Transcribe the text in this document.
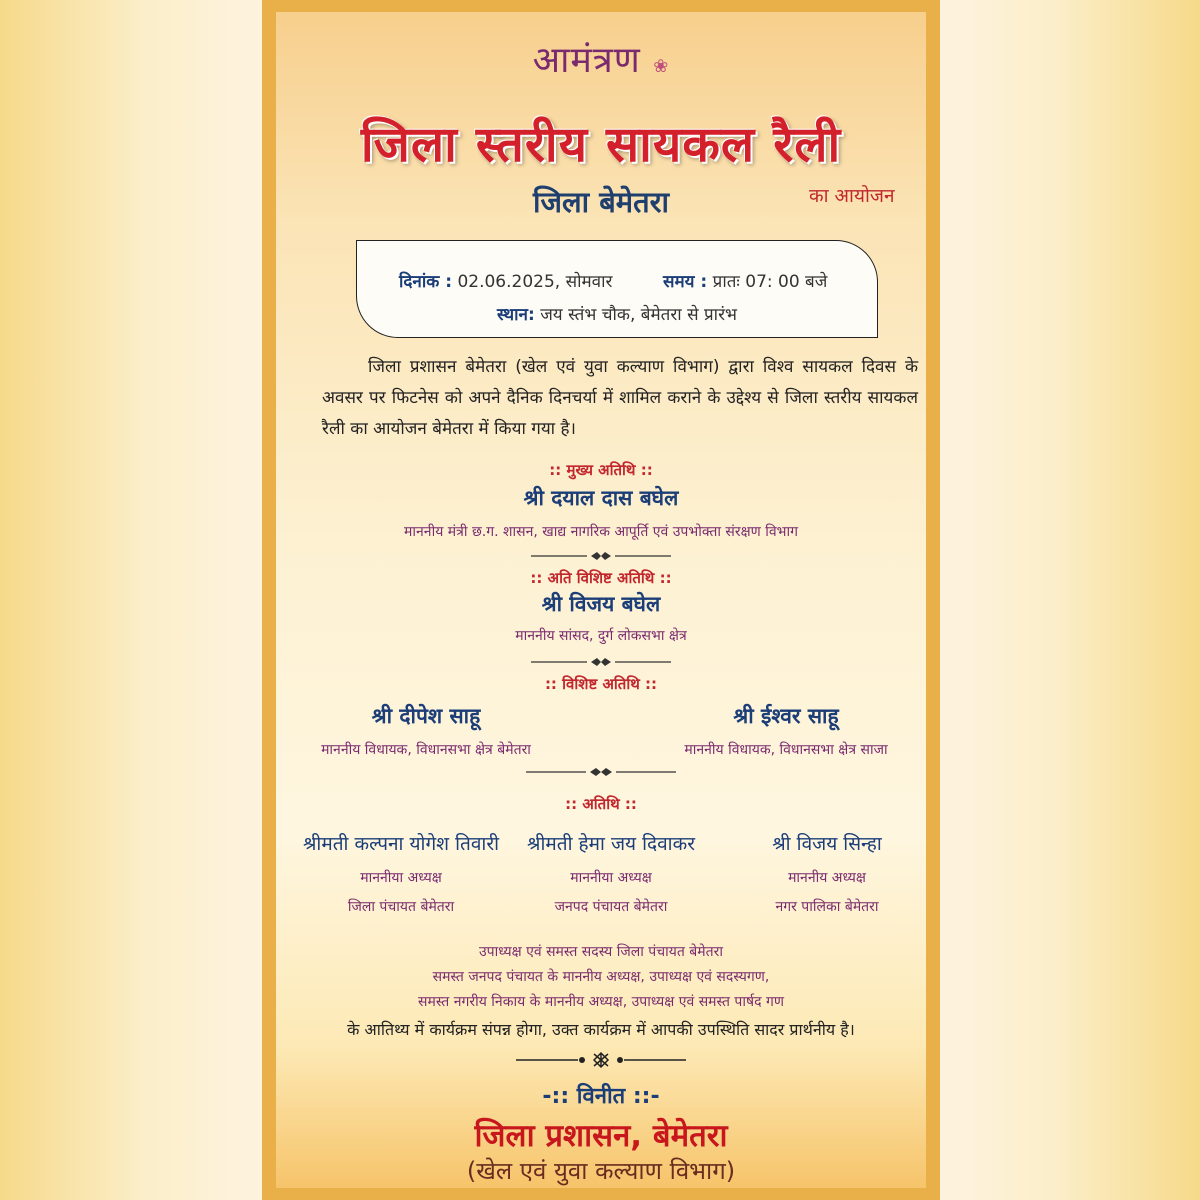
आमंत्रण ❀
जिला स्तरीय सायकल रैली
जिला बेमेतरा	का आयोजन
दिनांक : 02.06.2025, सोमवार	समय : प्रातः 07: 00 बजे
स्थान: जय स्तंभ चौक, बेमेतरा से प्रारंभ
जिला प्रशासन बेमेतरा (खेल एवं युवा कल्याण विभाग) द्वारा विश्व सायकल दिवस के अवसर पर फिटनेस को अपने दैनिक दिनचर्या में शामिल कराने के उद्देश्य से जिला स्तरीय सायकल रैली का आयोजन बेमेतरा में किया गया है।
:: मुख्य अतिथि ::
श्री दयाल दास बघेल
माननीय मंत्री छ.ग. शासन, खाद्य नागरिक आपूर्ति एवं उपभोक्ता संरक्षण विभाग
:: अति विशिष्ट अतिथि ::
श्री विजय बघेल
माननीय सांसद, दुर्ग लोकसभा क्षेत्र
:: विशिष्ट अतिथि ::
श्री दीपेश साहू
माननीय विधायक, विधानसभा क्षेत्र बेमेतरा
श्री ईश्वर साहू
माननीय विधायक, विधानसभा क्षेत्र साजा
:: अतिथि ::
श्रीमती कल्पना योगेश तिवारी
माननीया अध्यक्ष
जिला पंचायत बेमेतरा
श्रीमती हेमा जय दिवाकर
माननीया अध्यक्ष
जनपद पंचायत बेमेतरा
श्री विजय सिन्हा
माननीय अध्यक्ष
नगर पालिका बेमेतरा
उपाध्यक्ष एवं समस्त सदस्य जिला पंचायत बेमेतरा
समस्त जनपद पंचायत के माननीय अध्यक्ष, उपाध्यक्ष एवं सदस्यगण,
समस्त नगरीय निकाय के माननीय अध्यक्ष, उपाध्यक्ष एवं समस्त पार्षद गण
के आतिथ्य में कार्यक्रम संपन्न होगा, उक्त कार्यक्रम में आपकी उपस्थिति सादर प्रार्थनीय है।
-:: विनीत ::-
जिला प्रशासन, बेमेतरा
(खेल एवं युवा कल्याण विभाग)
